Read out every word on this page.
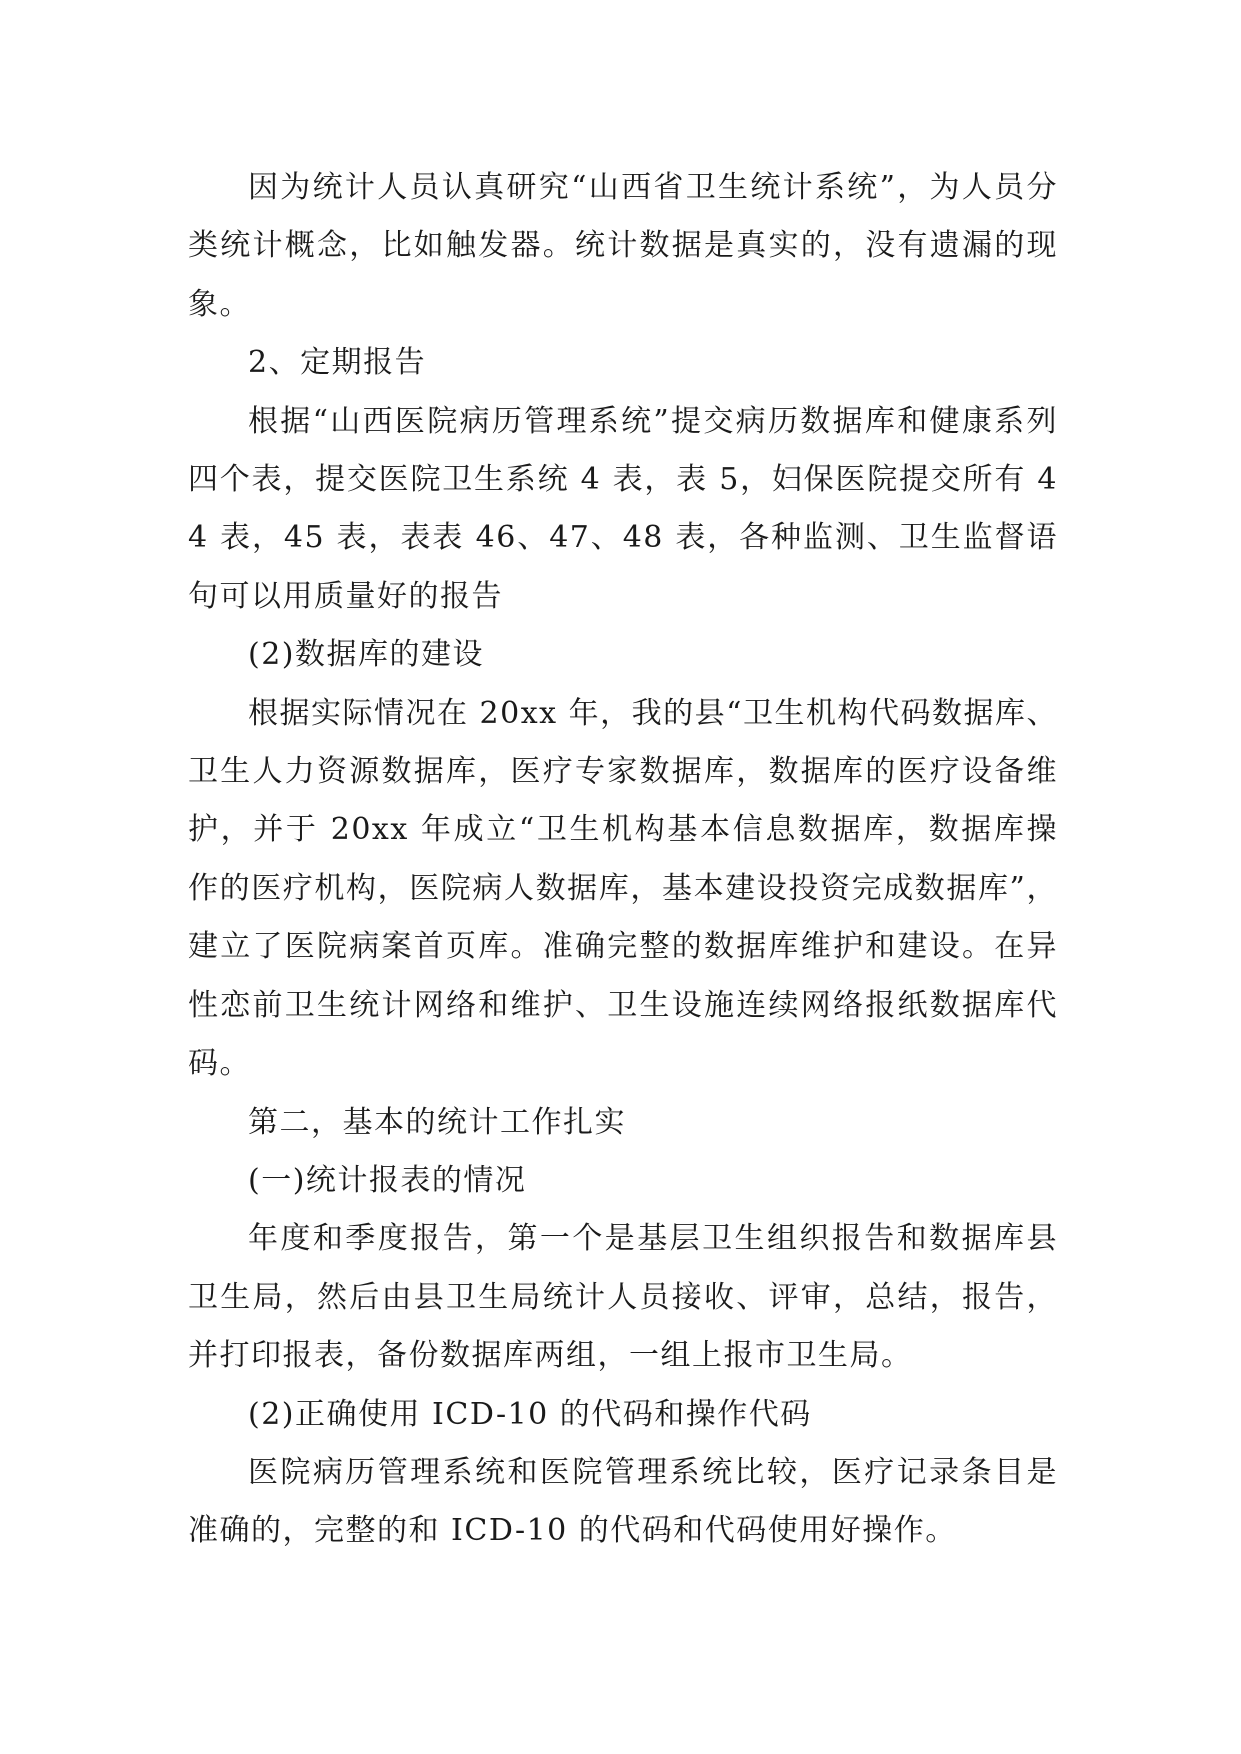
因为统计人员认真研究“山西省卫生统计系统”，为人员分类统计概念，比如触发器。统计数据是真实的，没有遗漏的现象。

2、定期报告

根据“山西医院病历管理系统”提交病历数据库和健康系列四个表，提交医院卫生系统 4 表，表 5，妇保医院提交所有 44 表，45 表，表表 46、47、48 表，各种监测、卫生监督语句可以用质量好的报告

(2)数据库的建设

根据实际情况在 20xx 年，我的县“卫生机构代码数据库、卫生人力资源数据库，医疗专家数据库，数据库的医疗设备维护，并于 20xx 年成立“卫生机构基本信息数据库，数据库操作的医疗机构，医院病人数据库，基本建设投资完成数据库”，建立了医院病案首页库。准确完整的数据库维护和建设。在异性恋前卫生统计网络和维护、卫生设施连续网络报纸数据库代码。

第二，基本的统计工作扎实

(一)统计报表的情况

年度和季度报告，第一个是基层卫生组织报告和数据库县卫生局，然后由县卫生局统计人员接收、评审，总结，报告，并打印报表，备份数据库两组，一组上报市卫生局。

(2)正确使用 ICD-10 的代码和操作代码

医院病历管理系统和医院管理系统比较，医疗记录条目是准确的，完整的和 ICD-10 的代码和代码使用好操作。
